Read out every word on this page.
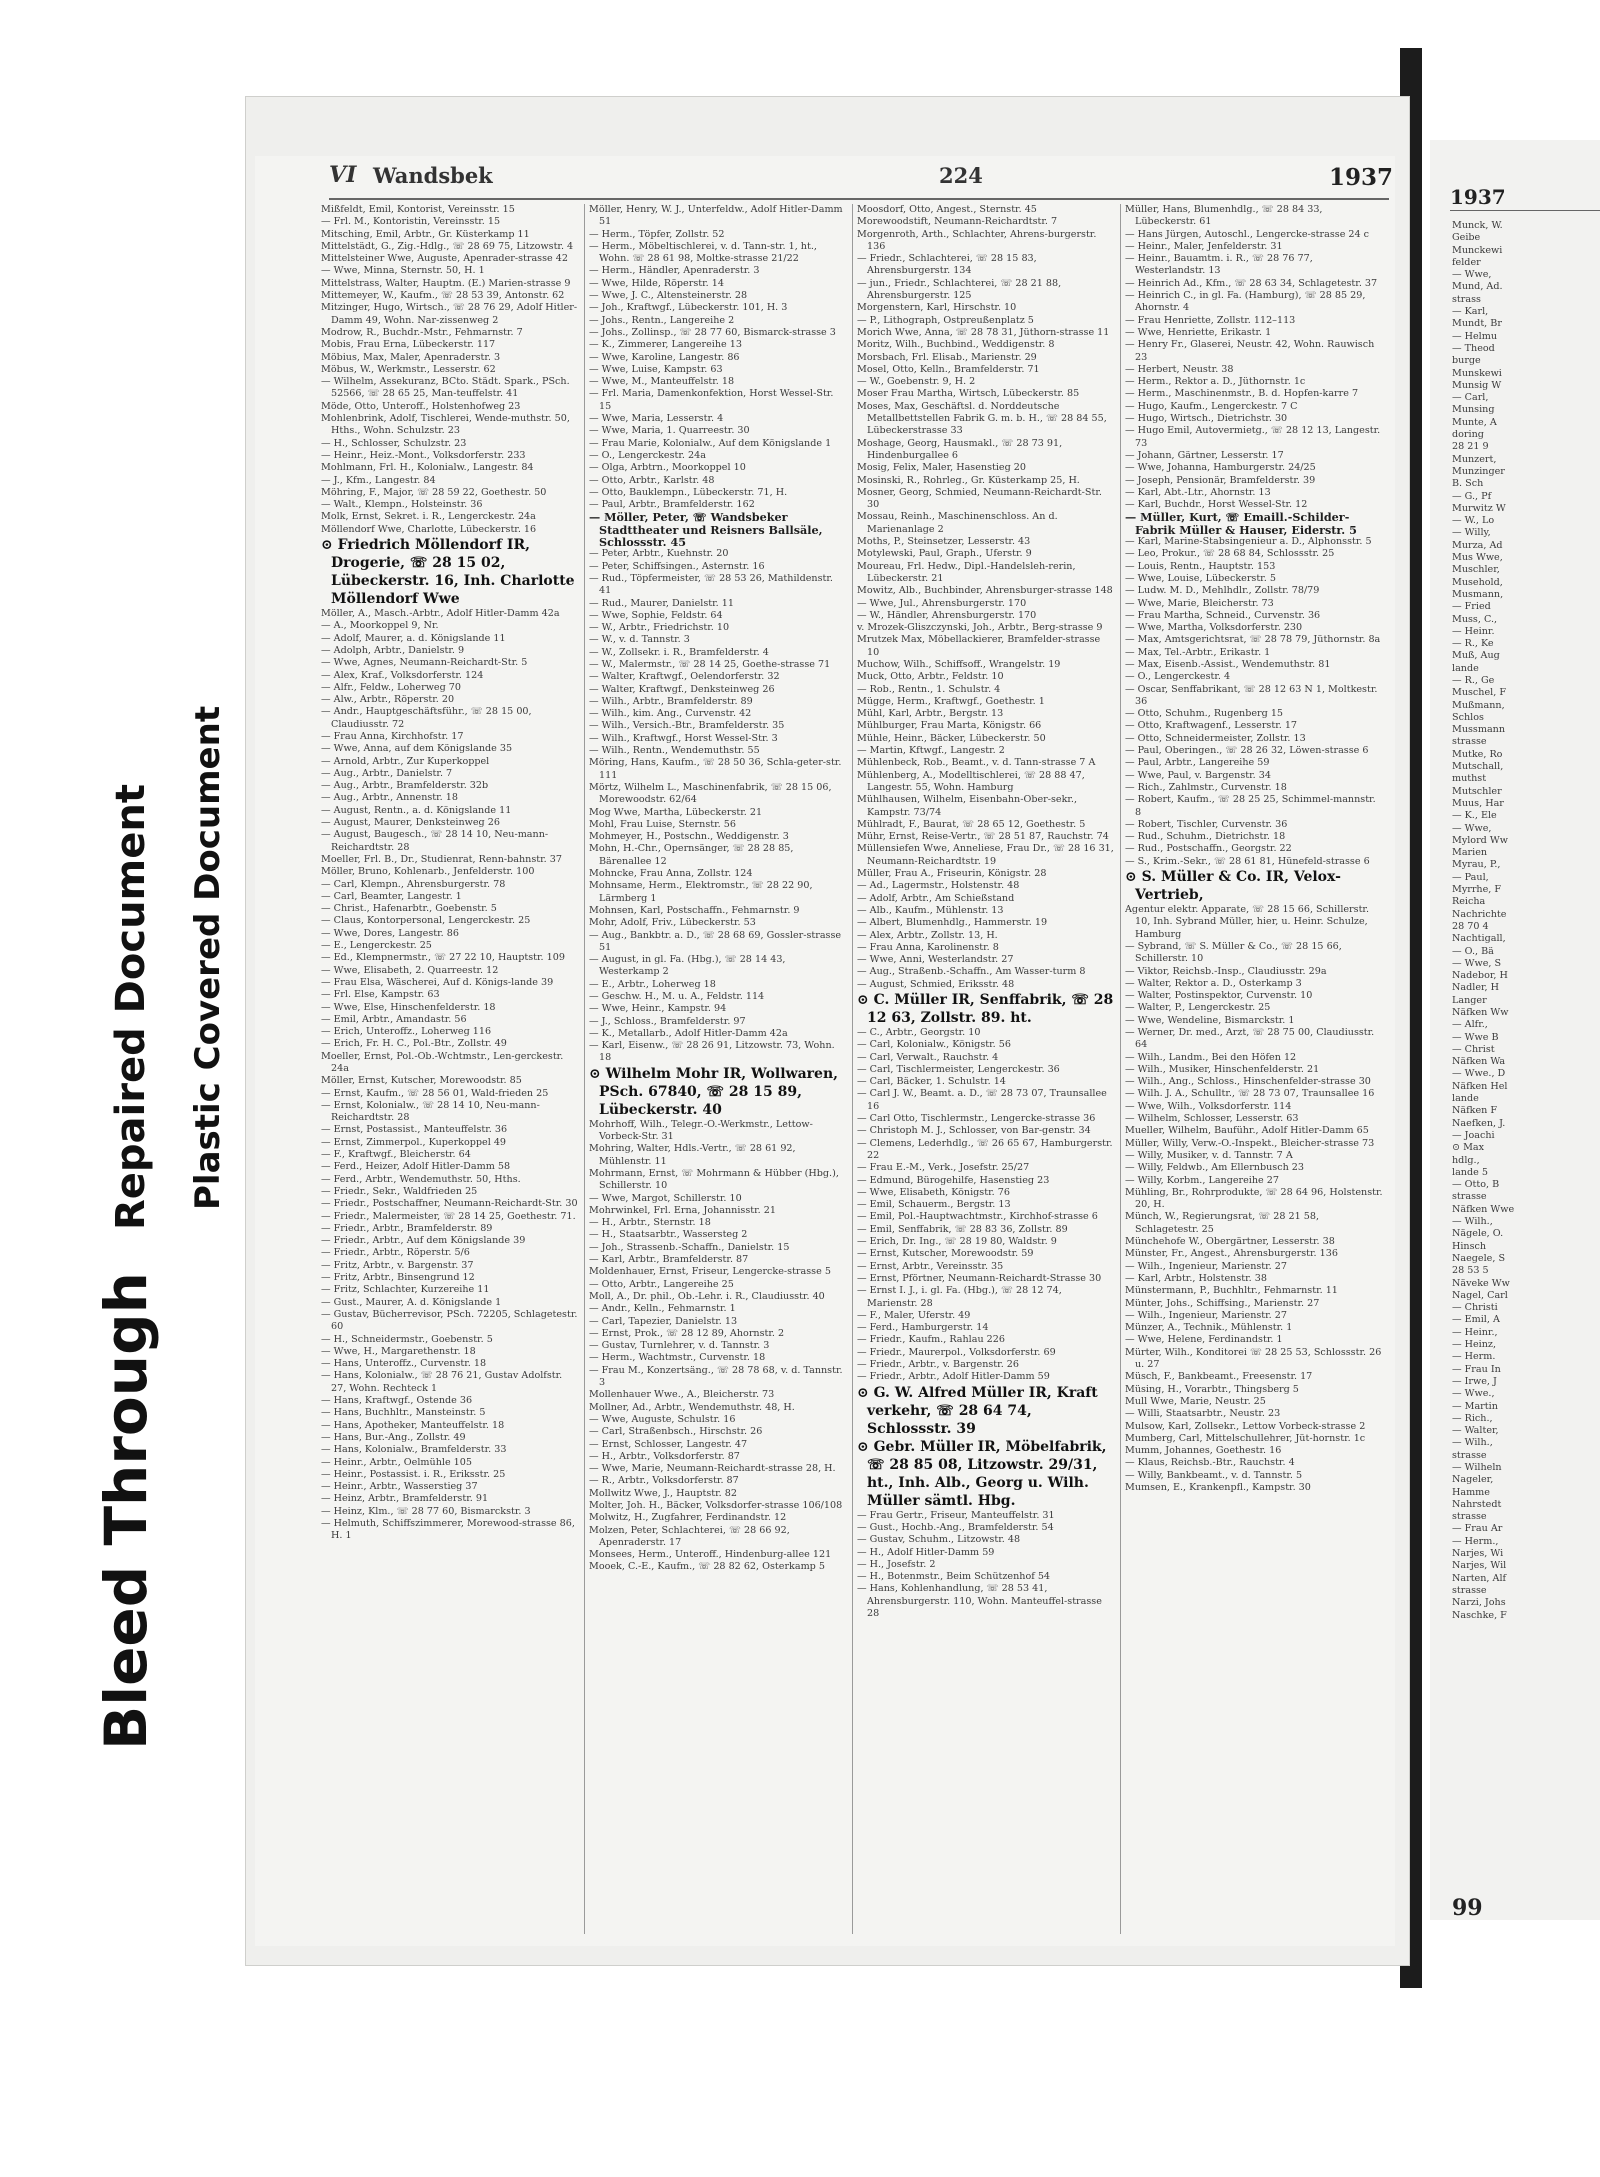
Bleed Through
Repaired Document Plastic Covered Document
VI Wandsbek	224	1937

Mißfeldt, Emil, Kontorist, Vereinsstr. 15

— Frl. M., Kontoristin, Vereinsstr. 15

Mitsching, Emil, Arbtr., Gr. Küsterkamp 11

Mittelstädt, G., Zig.-Hdlg., ☏ 28 69 75, Litzowstr. 4

Mittelsteiner Wwe, Auguste, Apenrader-strasse 42

— Wwe, Minna, Sternstr. 50, H. 1

Mittelstrass, Walter, Hauptm. (E.) Marien-strasse 9

Mittemeyer, W., Kaufm., ☏ 28 53 39, Antonstr. 62

Mitzinger, Hugo, Wirtsch., ☏ 28 76 29, Adolf Hitler-Damm 49, Wohn. Nar-zissenweg 2

Modrow, R., Buchdr.-Mstr., Fehmarnstr. 7

Mobis, Frau Erna, Lübeckerstr. 117

Möbius, Max, Maler, Apenraderstr. 3

Möbus, W., Werkmstr., Lesserstr. 62

— Wilhelm, Assekuranz, BCto. Städt. Spark., PSch. 52566, ☏ 28 65 25, Man-teuffelstr. 41

Möde, Otto, Unteroff., Holstenhofweg 23

Mohlenbrink, Adolf, Tischlerei, Wende-muthstr. 50, Hths., Wohn. Schulzstr. 23

— H., Schlosser, Schulzstr. 23

— Heinr., Heiz.-Mont., Volksdorferstr. 233

Mohlmann, Frl. H., Kolonialw., Langestr. 84

— J., Kfm., Langestr. 84

Möhring, F., Major, ☏ 28 59 22, Goethestr. 50

— Walt., Klempn., Holsteinstr. 36

Molk, Ernst, Sekret. i. R., Lengerckestr. 24a

Möllendorf Wwe, Charlotte, Lübeckerstr. 16

⊙ Friedrich Möllendorf IR, Drogerie, ☏ 28 15 02, Lübeckerstr. 16, Inh. Charlotte Möllendorf Wwe

Möller, A., Masch.-Arbtr., Adolf Hitler-Damm 42a

— A., Moorkoppel 9, Nr.

— Adolf, Maurer, a. d. Königslande 11

— Adolph, Arbtr., Danielstr. 9

— Wwe, Agnes, Neumann-Reichardt-Str. 5

— Alex, Kraf., Volksdorferstr. 124

— Alfr., Feldw., Loherweg 70

— Alw., Arbtr., Röperstr. 20

— Andr., Hauptgeschäftsführ., ☏ 28 15 00, Claudiusstr. 72

— Frau Anna, Kirchhofstr. 17

— Wwe, Anna, auf dem Königslande 35

— Arnold, Arbtr., Zur Kuperkoppel

— Aug., Arbtr., Danielstr. 7

— Aug., Arbtr., Bramfelderstr. 32b

— Aug., Arbtr., Annenstr. 18

— August, Rentn., a. d. Königslande 11

— August, Maurer, Denksteinweg 26

— August, Baugesch., ☏ 28 14 10, Neu-mann-Reichardtstr. 28

Moeller, Frl. B., Dr., Studienrat, Renn-bahnstr. 37

Möller, Bruno, Kohlenarb., Jenfelderstr. 100

— Carl, Klempn., Ahrensburgerstr. 78

— Carl, Beamter, Langestr. 1

— Christ., Hafenarbtr., Goebenstr. 5

— Claus, Kontorpersonal, Lengerckestr. 25

— Wwe, Dores, Langestr. 86

— E., Lengerckestr. 25

— Ed., Klempnermstr., ☏ 27 22 10, Hauptstr. 109

— Wwe, Elisabeth, 2. Quarreestr. 12

— Frau Elsa, Wäscherei, Auf d. Königs-lande 39

— Frl. Else, Kampstr. 63

— Wwe, Else, Hinschenfelderstr. 18

— Emil, Arbtr., Amandastr. 56

— Erich, Unteroffz., Loherweg 116

— Erich, Fr. H. C., Pol.-Btr., Zollstr. 49

Moeller, Ernst, Pol.-Ob.-Wchtmstr., Len-gerckestr. 24a

Möller, Ernst, Kutscher, Morewoodstr. 85

— Ernst, Kaufm., ☏ 28 56 01, Wald-frieden 25

— Ernst, Kolonialw., ☏ 28 14 10, Neu-mann-Reichardtstr. 28

— Ernst, Postassist., Manteuffelstr. 36

— Ernst, Zimmerpol., Kuperkoppel 49

— F., Kraftwgf., Bleicherstr. 64

— Ferd., Heizer, Adolf Hitler-Damm 58

— Ferd., Arbtr., Wendemuthstr. 50, Hths.

— Friedr., Sekr., Waldfrieden 25

— Friedr., Postschaffner, Neumann-Reichardt-Str. 30

— Friedr., Malermeister, ☏ 28 14 25, Goethestr. 71.

— Friedr., Arbtr., Bramfelderstr. 89

— Friedr., Arbtr., Auf dem Königslande 39

— Friedr., Arbtr., Röperstr. 5/6

— Fritz, Arbtr., v. Bargenstr. 37

— Fritz, Arbtr., Binsengrund 12

— Fritz, Schlachter, Kurzereihe 11

— Gust., Maurer, A. d. Königslande 1

— Gustav, Bücherrevisor, PSch. 72205, Schlagetestr. 60

— H., Schneidermstr., Goebenstr. 5

— Wwe, H., Margarethenstr. 18

— Hans, Unteroffz., Curvenstr. 18

— Hans, Kolonialw., ☏ 28 76 21, Gustav Adolfstr. 27, Wohn. Rechteck 1

— Hans, Kraftwgf., Ostende 36

— Hans, Buchhltr., Mansteinstr. 5

— Hans, Apotheker, Manteuffelstr. 18

— Hans, Bur.-Ang., Zollstr. 49

— Hans, Kolonialw., Bramfelderstr. 33

— Heinr., Arbtr., Oelmühle 105

— Heinr., Postassist. i. R., Eriksstr. 25

— Heinr., Arbtr., Wasserstieg 37

— Heinz, Arbtr., Bramfelderstr. 91

— Heinz, Klm., ☏ 28 77 60, Bismarckstr. 3

— Helmuth, Schiffszimmerer, Morewood-strasse 86, H. 1

Möller, Henry, W. J., Unterfeldw., Adolf Hitler-Damm 51

— Herm., Töpfer, Zollstr. 52

— Herm., Möbeltischlerei, v. d. Tann-str. 1, ht., Wohn. ☏ 28 61 98, Moltke-strasse 21/22

— Herm., Händler, Apenraderstr. 3

— Wwe, Hilde, Röperstr. 14

— Wwe, J. C., Altensteinerstr. 28

— Joh., Kraftwgf., Lübeckerstr. 101, H. 3

— Johs., Rentn., Langereihe 2

— Johs., Zollinsp., ☏ 28 77 60, Bismarck-strasse 3

— K., Zimmerer, Langereihe 13

— Wwe, Karoline, Langestr. 86

— Wwe, Luise, Kampstr. 63

— Wwe, M., Manteuffelstr. 18

— Frl. Maria, Damenkonfektion, Horst Wessel-Str. 15

— Wwe, Maria, Lesserstr. 4

— Wwe, Maria, 1. Quarreestr. 30

— Frau Marie, Kolonialw., Auf dem Königslande 1

— O., Lengerckestr. 24a

— Olga, Arbtrn., Moorkoppel 10

— Otto, Arbtr., Karlstr. 48

— Otto, Bauklempn., Lübeckerstr. 71, H.

— Paul, Arbtr., Bramfelderstr. 162

— Möller, Peter, ☏ Wandsbeker Stadttheater und Reisners Ballsäle, Schlossstr. 45

— Peter, Arbtr., Kuehnstr. 20

— Peter, Schiffsingen., Asternstr. 16

— Rud., Töpfermeister, ☏ 28 53 26, Mathildenstr. 41

— Rud., Maurer, Danielstr. 11

— Wwe, Sophie, Feldstr. 64

— W., Arbtr., Friedrichstr. 10

— W., v. d. Tannstr. 3

— W., Zollsekr. i. R., Bramfelderstr. 4

— W., Malermstr., ☏ 28 14 25, Goethe-strasse 71

— Walter, Kraftwgf., Oelendorferstr. 32

— Walter, Kraftwgf., Denksteinweg 26

— Wilh., Arbtr., Bramfelderstr. 89

— Wilh., kim. Ang., Curvenstr. 42

— Wilh., Versich.-Btr., Bramfelderstr. 35

— Wilh., Kraftwgf., Horst Wessel-Str. 3

— Wilh., Rentn., Wendemuthstr. 55

Möring, Hans, Kaufm., ☏ 28 50 36, Schla-geter-str. 111

Mörtz, Wilhelm L., Maschinenfabrik, ☏ 28 15 06, Morewoodstr. 62/64

Mog Wwe, Martha, Lübeckerstr. 21

Mohl, Frau Luise, Sternstr. 56

Mohmeyer, H., Postschn., Weddigenstr. 3

Mohn, H.-Chr., Opernsänger, ☏ 28 28 85, Bärenallee 12

Mohncke, Frau Anna, Zollstr. 124

Mohnsame, Herm., Elektromstr., ☏ 28 22 90, Lärmberg 1

Mohnsen, Karl, Postschaffn., Fehmarnstr. 9

Mohr, Adolf, Friv., Lübeckerstr. 53

— Aug., Bankbtr. a. D., ☏ 28 68 69, Gossler-strasse 51

— August, in gl. Fa. (Hbg.), ☏ 28 14 43, Westerkamp 2

— E., Arbtr., Loherweg 18

— Geschw. H., M. u. A., Feldstr. 114

— Wwe, Heinr., Kampstr. 94

— J., Schloss., Bramfelderstr. 97

— K., Metallarb., Adolf Hitler-Damm 42a

— Karl, Eisenw., ☏ 28 26 91, Litzowstr. 73, Wohn. 18

⊙ Wilhelm Mohr IR, Wollwaren, PSch. 67840, ☏ 28 15 89, Lübeckerstr. 40

Mohrhoff, Wilh., Telegr.-O.-Werkmstr., Lettow-Vorbeck-Str. 31

Mohring, Walter, Hdls.-Vertr., ☏ 28 61 92, Mühlenstr. 11

Mohrmann, Ernst, ☏ Mohrmann & Hübber (Hbg.), Schillerstr. 10

— Wwe, Margot, Schillerstr. 10

Mohrwinkel, Frl. Erna, Johannisstr. 21

— H., Arbtr., Sternstr. 18

— H., Staatsarbtr., Wassersteg 2

— Joh., Strassenb.-Schaffn., Danielstr. 15

— Karl, Arbtr., Bramfelderstr. 87

Moldenhauer, Ernst, Friseur, Lengercke-strasse 5

— Otto, Arbtr., Langereihe 25

Moll, A., Dr. phil., Ob.-Lehr. i. R., Claudiusstr. 40

— Andr., Kelln., Fehmarnstr. 1

— Carl, Tapezier, Danielstr. 13

— Ernst, Prok., ☏ 28 12 89, Ahornstr. 2

— Gustav, Turnlehrer, v. d. Tannstr. 3

— Herm., Wachtmstr., Curvenstr. 18

— Frau M., Konzertsäng., ☏ 28 78 68, v. d. Tannstr. 3

Mollenhauer Wwe., A., Bleicherstr. 73

Mollner, Ad., Arbtr., Wendemuthstr. 48, H.

— Wwe, Auguste, Schulstr. 16

— Carl, Straßenbsch., Hirschstr. 26

— Ernst, Schlosser, Langestr. 47

— H., Arbtr., Volksdorferstr. 87

— Wwe, Marie, Neumann-Reichardt-strasse 28, H.

— R., Arbtr., Volksdorferstr. 87

Mollwitz Wwe, J., Hauptstr. 82

Molter, Joh. H., Bäcker, Volksdorfer-strasse 106/108

Molwitz, H., Zugfahrer, Ferdinandstr. 12

Molzen, Peter, Schlachterei, ☏ 28 66 92, Apenraderstr. 17

Monsees, Herm., Unteroff., Hindenburg-allee 121

Mooek, C.-E., Kaufm., ☏ 28 82 62, Osterkamp 5

Moosdorf, Otto, Angest., Sternstr. 45

Morewoodstift, Neumann-Reichardtstr. 7

Morgenroth, Arth., Schlachter, Ahrens-burgerstr. 136

— Friedr., Schlachterei, ☏ 28 15 83, Ahrensburgerstr. 134

— jun., Friedr., Schlachterei, ☏ 28 21 88, Ahrensburgerstr. 125

Morgenstern, Karl, Hirschstr. 10

— P., Lithograph, Ostpreußenplatz 5

Morich Wwe, Anna, ☏ 28 78 31, Jüthorn-strasse 11

Moritz, Wilh., Buchbind., Weddigenstr. 8

Morsbach, Frl. Elisab., Marienstr. 29

Mosel, Otto, Kelln., Bramfelderstr. 71

— W., Goebenstr. 9, H. 2

Moser Frau Martha, Wirtsch, Lübeckerstr. 85

Moses, Max, Geschäftsl. d. Norddeutsche Metallbettstellen Fabrik G. m. b. H., ☏ 28 84 55, Lübeckerstrasse 33

Moshage, Georg, Hausmakl., ☏ 28 73 91, Hindenburgallee 6

Mosig, Felix, Maler, Hasenstieg 20

Mosinski, R., Rohrleg., Gr. Küsterkamp 25, H.

Mosner, Georg, Schmied, Neumann-Reichardt-Str. 30

Mossau, Reinh., Maschinenschloss. An d. Marienanlage 2

Moths, P., Steinsetzer, Lesserstr. 43

Motylewski, Paul, Graph., Uferstr. 9

Moureau, Frl. Hedw., Dipl.-Handelsleh-rerin, Lübeckerstr. 21

Mowitz, Alb., Buchbinder, Ahrensburger-strasse 148

— Wwe, Jul., Ahrensburgerstr. 170

— W., Händler, Ahrensburgerstr. 170

v. Mrozek-Gliszczynski, Joh., Arbtr., Berg-strasse 9

Mrutzek Max, Möbellackierer, Bramfelder-strasse 10

Muchow, Wilh., Schiffsoff., Wrangelstr. 19

Muck, Otto, Arbtr., Feldstr. 10

— Rob., Rentn., 1. Schulstr. 4

Mügge, Herm., Kraftwgf., Goethestr. 1

Mühl, Karl, Arbtr., Bergstr. 13

Mühlburger, Frau Marta, Königstr. 66

Mühle, Heinr., Bäcker, Lübeckerstr. 50

— Martin, Kftwgf., Langestr. 2

Mühlenbeck, Rob., Beamt., v. d. Tann-strasse 7 A

Mühlenberg, A., Modelltischlerei, ☏ 28 88 47, Langestr. 55, Wohn. Hamburg

Mühlhausen, Wilhelm, Eisenbahn-Ober-sekr., Kampstr. 73/74

Mühlradt, F., Baurat, ☏ 28 65 12, Goethestr. 5

Mühr, Ernst, Reise-Vertr., ☏ 28 51 87, Rauchstr. 74

Müllensiefen Wwe, Anneliese, Frau Dr., ☏ 28 16 31, Neumann-Reichardtstr. 19

Müller, Frau A., Friseurin, Königstr. 28

— Ad., Lagermstr., Holstenstr. 48

— Adolf, Arbtr., Am Schießstand

— Alb., Kaufm., Mühlenstr. 13

— Albert, Blumenhdlg., Hammerstr. 19

— Alex, Arbtr., Zollstr. 13, H.

— Frau Anna, Karolinenstr. 8

— Wwe, Anni, Westerlandstr. 27

— Aug., Straßenb.-Schaffn., Am Wasser-turm 8

— August, Schmied, Eriksstr. 48

⊙ C. Müller IR, Senffabrik, ☏ 28 12 63, Zollstr. 89. ht.

— C., Arbtr., Georgstr. 10

— Carl, Kolonialw., Königstr. 56

— Carl, Verwalt., Rauchstr. 4

— Carl, Tischlermeister, Lengerckestr. 36

— Carl, Bäcker, 1. Schulstr. 14

— Carl J. W., Beamt. a. D., ☏ 28 73 07, Traunsallee 16

— Carl Otto, Tischlermstr., Lengercke-strasse 36

— Christoph M. J., Schlosser, von Bar-genstr. 34

— Clemens, Lederhdlg., ☏ 26 65 67, Hamburgerstr. 22

— Frau E.-M., Verk., Josefstr. 25/27

— Edmund, Bürogehilfe, Hasenstieg 23

— Wwe, Elisabeth, Königstr. 76

— Emil, Schauerm., Bergstr. 13

— Emil, Pol.-Hauptwachtmstr., Kirchhof-strasse 6

— Emil, Senffabrik, ☏ 28 83 36, Zollstr. 89

— Erich, Dr. Ing., ☏ 28 19 80, Waldstr. 9

— Ernst, Kutscher, Morewoodstr. 59

— Ernst, Arbtr., Vereinsstr. 35

— Ernst, Pförtner, Neumann-Reichardt-Strasse 30

— Ernst I. J., i. gl. Fa. (Hbg.), ☏ 28 12 74, Marienstr. 28

— F., Maler, Uferstr. 49

— Ferd., Hamburgerstr. 14

— Friedr., Kaufm., Rahlau 226

— Friedr., Maurerpol., Volksdorferstr. 69

— Friedr., Arbtr., v. Bargenstr. 26

— Friedr., Arbtr., Adolf Hitler-Damm 59

⊙ G. W. Alfred Müller IR, Kraft verkehr, ☏ 28 64 74, Schlossstr. 39

⊙ Gebr. Müller IR, Möbelfabrik, ☏ 28 85 08, Litzowstr. 29/31, ht., Inh. Alb., Georg u. Wilh. Müller sämtl. Hbg.

— Frau Gertr., Friseur, Manteuffelstr. 31

— Gust., Hochb.-Ang., Bramfelderstr. 54

— Gustav, Schuhm., Litzowstr. 48

— H., Adolf Hitler-Damm 59

— H., Josefstr. 2

— H., Botenmstr., Beim Schützenhof 54

— Hans, Kohlenhandlung, ☏ 28 53 41, Ahrensburgerstr. 110, Wohn. Manteuffel-strasse 28

Müller, Hans, Blumenhdlg., ☏ 28 84 33, Lübeckerstr. 61

— Hans Jürgen, Autoschl., Lengercke-strasse 24 c

— Heinr., Maler, Jenfelderstr. 31

— Heinr., Bauamtm. i. R., ☏ 28 76 77, Westerlandstr. 13

— Heinrich Ad., Kfm., ☏ 28 63 34, Schlagetestr. 37

— Heinrich C., in gl. Fa. (Hamburg), ☏ 28 85 29, Ahornstr. 4

— Frau Henriette, Zollstr. 112–113

— Wwe, Henriette, Erikastr. 1

— Henry Fr., Glaserei, Neustr. 42, Wohn. Rauwisch 23

— Herbert, Neustr. 38

— Herm., Rektor a. D., Jüthornstr. 1c

— Herm., Maschinenmstr., B. d. Hopfen-karre 7

— Hugo, Kaufm., Lengerckestr. 7 C

— Hugo, Wirtsch., Dietrichstr. 30

— Hugo Emil, Autovermietg., ☏ 28 12 13, Langestr. 73

— Johann, Gärtner, Lesserstr. 17

— Wwe, Johanna, Hamburgerstr. 24/25

— Joseph, Pensionär, Bramfelderstr. 39

— Karl, Abt.-Ltr., Ahornstr. 13

— Karl, Buchdr., Horst Wessel-Str. 12

— Müller, Kurt, ☏ Emaill.-Schilder-Fabrik Müller & Hauser, Eiderstr. 5

— Karl, Marine-Stabsingenieur a. D., Alphonsstr. 5

— Leo, Prokur., ☏ 28 68 84, Schlossstr. 25

— Louis, Rentn., Hauptstr. 153

— Wwe, Louise, Lübeckerstr. 5

— Ludw. M. D., Mehlhdlr., Zollstr. 78/79

— Wwe, Marie, Bleicherstr. 73

— Frau Martha, Schneid., Curvenstr. 36

— Wwe, Martha, Volksdorferstr. 230

— Max, Amtsgerichtsrat, ☏ 28 78 79, Jüthornstr. 8a

— Max, Tel.-Arbtr., Erikastr. 1

— Max, Eisenb.-Assist., Wendemuthstr. 81

— O., Lengerckestr. 4

— Oscar, Senffabrikant, ☏ 28 12 63 N 1, Moltkestr. 36

— Otto, Schuhm., Rugenberg 15

— Otto, Kraftwagenf., Lesserstr. 17

— Otto, Schneidermeister, Zollstr. 13

— Paul, Oberingen., ☏ 28 26 32, Löwen-strasse 6

— Paul, Arbtr., Langereihe 59

— Wwe, Paul, v. Bargenstr. 34

— Rich., Zahlmstr., Curvenstr. 18

— Robert, Kaufm., ☏ 28 25 25, Schimmel-mannstr. 8

— Robert, Tischler, Curvenstr. 36

— Rud., Schuhm., Dietrichstr. 18

— Rud., Postschaffn., Georgstr. 22

— S., Krim.-Sekr., ☏ 28 61 81, Hünefeld-strasse 6

⊙ S. Müller & Co. IR, Velox-Vertrieb,

Agentur elektr. Apparate, ☏ 28 15 66, Schillerstr. 10, Inh. Sybrand Müller, hier, u. Heinr. Schulze, Hamburg

— Sybrand, ☏ S. Müller & Co., ☏ 28 15 66, Schillerstr. 10

— Viktor, Reichsb.-Insp., Claudiusstr. 29a

— Walter, Rektor a. D., Osterkamp 3

— Walter, Postinspektor, Curvenstr. 10

— Walter, P., Lengerckestr. 25

— Wwe, Wendeline, Bismarckstr. 1

— Werner, Dr. med., Arzt, ☏ 28 75 00, Claudiusstr. 64

— Wilh., Landm., Bei den Höfen 12

— Wilh., Musiker, Hinschenfelderstr. 21

— Wilh., Ang., Schloss., Hinschenfelder-strasse 30

— Wilh. J. A., Schulltr., ☏ 28 73 07, Traunsallee 16

— Wwe, Wilh., Volksdorferstr. 114

— Wilhelm, Schlosser, Lesserstr. 63

Mueller, Wilhelm, Bauführ., Adolf Hitler-Damm 65

Müller, Willy, Verw.-O.-Inspekt., Bleicher-strasse 73

— Willy, Musiker, v. d. Tannstr. 7 A

— Willy, Feldwb., Am Ellernbusch 23

— Willy, Korbm., Langereihe 27

Mühling, Br., Rohrprodukte, ☏ 28 64 96, Holstenstr. 20, H.

Münch, W., Regierungsrat, ☏ 28 21 58, Schlagetestr. 25

Münchehofe W., Obergärtner, Lesserstr. 38

Münster, Fr., Angest., Ahrensburgerstr. 136

— Wilh., Ingenieur, Marienstr. 27

— Karl, Arbtr., Holstenstr. 38

Münstermann, P., Buchhltr., Fehmarnstr. 11

Münter, Johs., Schiffsing., Marienstr. 27

— Wilh., Ingenieur, Marienstr. 27

Münzer, A., Technik., Mühlenstr. 1

— Wwe, Helene, Ferdinandstr. 1

Mürter, Wilh., Konditorei ☏ 28 25 53, Schlossstr. 26 u. 27

Müsch, F., Bankbeamt., Freesenstr. 17

Müsing, H., Vorarbtr., Thingsberg 5

Mull Wwe, Marie, Neustr. 25

— Willi, Staatsarbtr., Neustr. 23

Mulsow, Karl, Zollsekr., Lettow Vorbeck-strasse 2

Mumberg, Carl, Mittelschullehrer, Jüt-hornstr. 1c

Mumm, Johannes, Goethestr. 16

— Klaus, Reichsb.-Btr., Rauchstr. 4

— Willy, Bankbeamt., v. d. Tannstr. 5

Mumsen, E., Krankenpfl., Kampstr. 30

1937

Munck, W.

Geibe

Munckewi

felder

— Wwe,

Mund, Ad.

strass

— Karl,

Mundt, Br

— Helmu

— Theod

burge

Munskewi

Munsig W

— Carl,

Munsing

Munte, A

doring

28 21 9

Munzert,

Munzinger

B. Sch

— G., Pf

Murwitz W

— W., Lo

— Willy,

Murza, Ad

Mus Wwe,

Muschler,

Musehold,

Musmann,

— Fried

Muss, C.,

— Heinr.

— R., Ke

Muß, Aug

lande

— R., Ge

Muschel, F

Mußmann,

Schlos

Mussmann

strasse

Mutke, Ro

Mutschall,

muthst

Mutschler

Muus, Har

— K., Ele

— Wwe,

Mylord Ww

Marien

Myrau, P.,

— Paul,

Myrrhe, F

Reicha

Nachrichte

28 70 4

Nachtigall,

— O., Bä

— Wwe, S

Nadebor, H

Nadler, H

Langer

Näfken Ww

— Alfr.,

— Wwe B

— Christ

Näfken Wa

— Wwe., D

Näfken Hel

lande

Näfken F

Naefken, J.

— Joachi

⊙ Max

hdlg.,

lande 5

— Otto, B

strasse

Näfken Wwe

— Wilh.,

Nägele, O.

Hinsch

Naegele, S

28 53 5

Näveke Ww

Nagel, Carl

— Christi

— Emil, A

— Heinr.,

— Heinz,

— Herm.

— Frau In

— Irwe, J

— Wwe.,

— Martin

— Rich.,

— Walter,

— Wilh.,

strasse

— Wilheln

Nageler,

Hamme

Nahrstedt

strasse

— Frau Ar

— Herm.,

Narjes, Wi

Narjes, Wil

Narten, Alf

strasse

Narzi, Johs

Naschke, F

99
